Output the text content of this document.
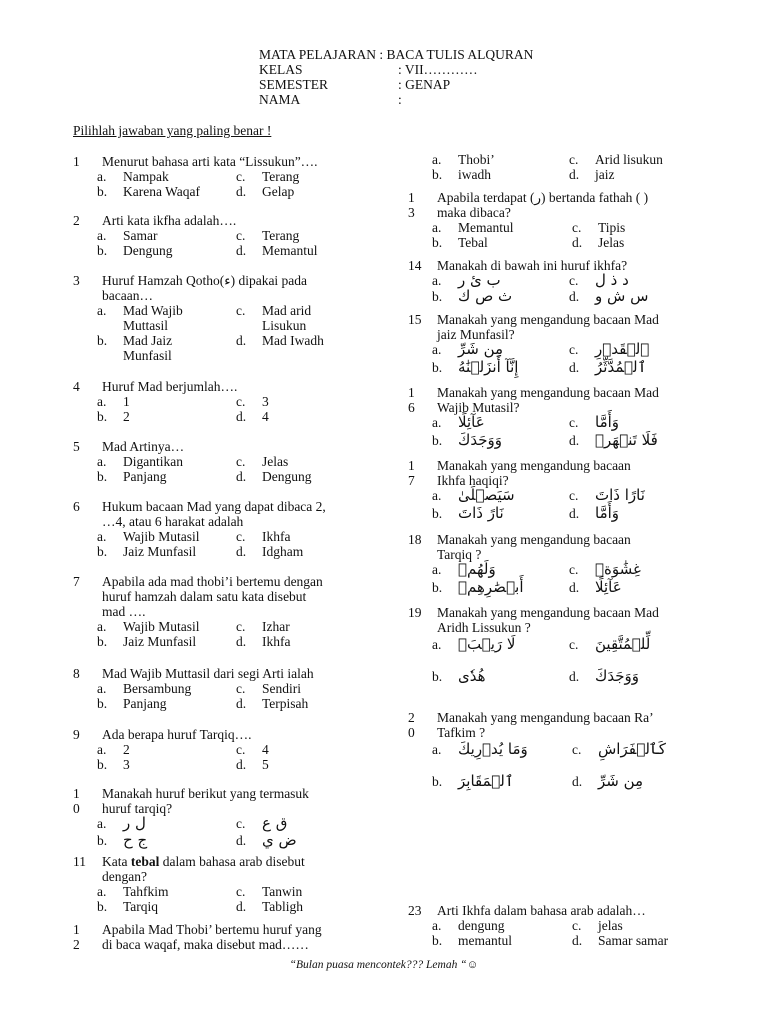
MATA PELAJARAN : BACA TULIS ALQURAN
KELAS	: VII…………
SEMESTER	: GENAP
NAMA	:
Pilihlah jawaban yang paling benar !
1	Menurut bahasa arti kata “Lissukun”….
a. Nampak
b. Karena Waqaf
c. Terang
d. Gelap
2	Arti kata ikfha adalah….
a. Samar
b. Dengung
c. Terang
d. Memantul
3	Huruf Hamzah Qotho(ء) dipakai pada
bacaan…
a. Mad Wajib
Muttasil
b. Mad Jaiz
Munfasil
c. Mad arid
Lisukun
d. Mad Iwadh
4	Huruf Mad berjumlah….
a. 1
b. 2
c. 3
d. 4
5	Mad Artinya…
a. Digantikan
b. Panjang
c. Jelas
d. Dengung
6	Hukum bacaan Mad yang dapat dibaca 2,
…4, atau 6 harakat adalah
a. Wajib Mutasil
b. Jaiz Munfasil
c. Ikhfa
d. Idgham
7	Apabila ada mad thobi’i bertemu dengan
huruf hamzah dalam satu kata disebut
mad ….
a. Wajib Mutasil
b. Jaiz Munfasil
c. Izhar
d. Ikhfa
8	Mad Wajib Muttasil dari segi Arti ialah
a. Bersambung
b. Panjang
c. Sendiri
d. Terpisah
9	Ada berapa huruf Tarqiq….
a. 2
b. 3
c. 4
d. 5
1
0
Manakah huruf berikut yang termasuk
huruf tarqiq?
a. ل ر
b. ج ح
c. ق ع
d. ض ي
11	Kata tebal dalam bahasa arab disebut
dengan?
a. Tahfkim
b. Tarqiq
c. Tanwin
d. Tabligh
1
2
Apabila Mad Thobi’ bertemu huruf yang
di baca waqaf, maka disebut mad……
a. Thobi’
b. iwadh
c. Arid lisukun
d. jaiz
1
3
Apabila terdapat (ر) bertanda fathah ( )
maka dibaca?
a. Memantul
b. Tebal
c. Tipis
d. Jelas
14	Manakah di bawah ini huruf ikhfa?
a. ب ئ ر
b. ث ص ك
c. د ذ ل
d. س ش و
15	Manakah yang mengandung bacaan Mad
jaiz Munfasil?
a. مِن شَرِّ
b. إِنَّآ أَنزَلۡنَٰهُ
c. ٱلۡقَدۡرِ
d. ٱلۡمُدَّثِّرُ
1
6
Manakah yang mengandung bacaan Mad
Wajib Mutasil?
a. عَآئِلًا
b. وَوَجَدَكَ
c. وَأَمَّا
d. فَلَا تَنۡهَرۡ
1
7
Manakah yang mengandung bacaan
Ikhfa haqiqi?
a. سَيَصۡلَىٰ
b. نَارً ذَاتَ
c. نَارًا ذَاتَ
d. وَأَمَّا
18	Manakah yang mengandung bacaan
Tarqiq ?
a. وَلَهُمۡ
b. أَبۡصَٰرِهِمۡ
c. غِشَٰوَةٞ
d. عَآئِلًا
19	Manakah yang mengandung bacaan Mad
Aridh Lissukun ?
a. لَا رَيۡبَۛ
b. هُدٗى
c. لِّلۡمُتَّقِينَ
d. وَوَجَدَكَ
2
0
Manakah yang mengandung bacaan Ra’
Tafkim ?
a. وَمَا يُدۡرِيكَ
b. ٱلۡمَقَابِرَ
c. كَٱلۡفَرَاشِ
d. مِن شَرِّ
23	Arti Ikhfa dalam bahasa arab adalah…
a. dengung
b. memantul
c. jelas
d. Samar samar
“Bulan puasa mencontek??? Lemah “☺
